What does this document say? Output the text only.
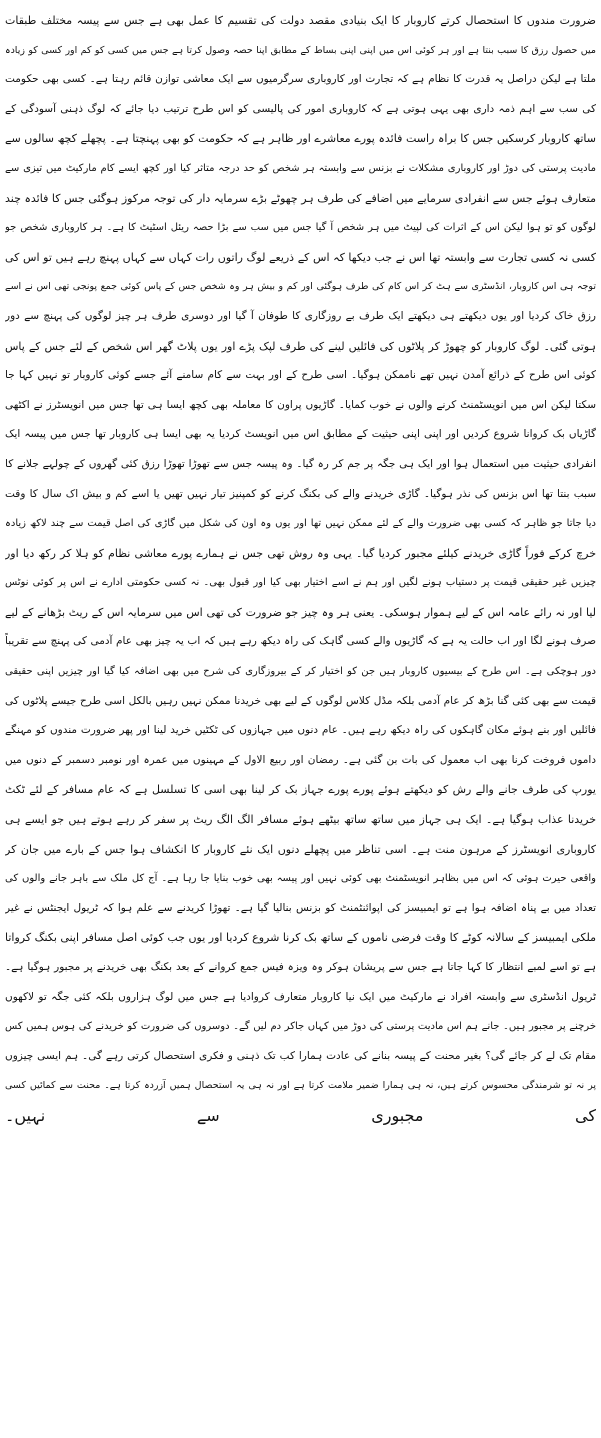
ضرورت مندوں کا استحصال کرتے کاروبار کا ایک بنیادی مقصد دولت کی تقسیم کا عمل بھی ہے جس سے پیسہ مختلف طبقات
میں حصول رزق کا سبب بنتا ہے اور ہر کوئی اس میں اپنی اپنی بساط کے مطابق اپنا حصہ وصول کرتا ہے جس میں کسی کو کم اور کسی کو زیادہ
ملتا ہے لیکن دراصل یہ قدرت کا نظام ہے کہ تجارت اور کاروباری سرگرمیوں سے ایک معاشی توازن قائم رہتا ہے۔ کسی بھی حکومت
کی سب سے اہم ذمہ داری بھی یہی ہوتی ہے کہ کاروباری امور کی پالیسی کو اس طرح ترتیب دیا جائے کہ لوگ ذہنی آسودگی کے
ساتھ کاروبار کرسکیں جس کا براہ راست فائدہ پورے معاشرے اور ظاہر ہے کہ حکومت کو بھی پہنچتا ہے۔ پچھلے کچھ سالوں سے
مادیت پرستی کی دوڑ اور کاروباری مشکلات نے بزنس سے وابستہ ہر شخص کو حد درجہ متاثر کیا اور کچھ ایسے کام مارکیٹ میں تیزی سے
متعارف ہوئے جس سے انفرادی سرمایے میں اضافے کی طرف ہر چھوٹے بڑے سرمایہ دار کی توجہ مرکوز ہوگئی جس کا فائدہ چند
لوگوں کو تو ہوا لیکن اس کے اثرات کی لپیٹ میں ہر شخص آ گیا جس میں سب سے بڑا حصہ ریئل اسٹیٹ کا ہے۔ ہر کاروباری شخص جو
کسی نہ کسی تجارت سے وابستہ تھا اس نے جب دیکھا کہ اس کے ذریعے لوگ راتوں رات کہاں سے کہاں پہنچ رہے ہیں تو اس کی
توجہ ہی اس کاروبار، انڈسٹری سے ہٹ کر اس کام کی طرف ہوگئی اور کم و بیش ہر وہ شخص جس کے پاس کوئی جمع پونجی تھی اس نے اسے
رزق خاک کردیا اور یوں دیکھتے ہی دیکھتے ایک طرف بے روزگاری کا طوفان آ گیا اور دوسری طرف ہر چیز لوگوں کی پہنچ سے دور
ہوتی گئی۔ لوگ کاروبار کو چھوڑ کر پلاٹوں کی فائلیں لینے کی طرف لپک پڑے اور یوں پلاٹ گھر اس شخص کے لئے جس کے پاس
کوئی اس طرح کے ذرائع آمدن نہیں تھے ناممکن ہوگیا۔ اسی طرح کے اور بہت سے کام سامنے آئے جسے کوئی کاروبار تو نہیں کہا جا
سکتا لیکن اس میں انویسٹمنٹ کرنے والوں نے خوب کمایا۔ گاڑیوں پراون کا معاملہ بھی کچھ ایسا ہی تھا جس میں انویسٹرز نے اکٹھی
گاڑیاں بک کروانا شروع کردیں اور اپنی اپنی حیثیت کے مطابق اس میں انویسٹ کردیا یہ بھی ایسا ہی کاروبار تھا جس میں پیسہ ایک
انفرادی حیثیت میں استعمال ہوا اور ایک ہی جگہ پر جم کر رہ گیا۔ وہ پیسہ جس سے تھوڑا تھوڑا رزق کئی گھروں کے چولہے جلانے کا
سبب بنتا تھا اس بزنس کی نذر ہوگیا۔ گاڑی خریدنے والے کی بکنگ کرنے کو کمپنیز تیار نہیں تھیں یا اسے کم و بیش اک سال کا وقت
دیا جاتا جو ظاہر کہ کسی بھی ضرورت والے کے لئے ممکن نہیں تھا اور یوں وہ اون کی شکل میں گاڑی کی اصل قیمت سے چند لاکھ زیادہ
خرچ کرکے فوراً گاڑی خریدنے کیلئے مجبور کردیا گیا۔ یہی وہ روش تھی جس نے ہمارے پورے معاشی نظام کو ہلا کر رکھ دیا اور
چیزیں غیر حقیقی قیمت پر دستیاب ہونے لگیں اور ہم نے اسے اختیار بھی کیا اور قبول بھی۔ نہ کسی حکومتی ادارے نے اس پر کوئی نوٹس
لیا اور نہ رائے عامہ اس کے لیے ہموار ہوسکی۔ یعنی ہر وہ چیز جو ضرورت کی تھی اس میں سرمایہ اس کے ریٹ بڑھانے کے لیے
صرف ہونے لگا اور اب حالت یہ ہے کہ گاڑیوں والے کسی گاہک کی راہ دیکھ رہے ہیں کہ اب یہ چیز بھی عام آدمی کی پہنچ سے تقریباً
دور ہوچکی ہے۔ اس طرح کے بیسیوں کاروبار ہیں جن کو اختیار کر کے بیروزگاری کی شرح میں بھی اضافہ کیا گیا اور چیزیں اپنی حقیقی
قیمت سے بھی کئی گنا بڑھ کر عام آدمی بلکہ مڈل کلاس لوگوں کے لیے بھی خریدنا ممکن نہیں رہیں بالکل اسی طرح جیسے پلاٹوں کی
فائلیں اور بنے ہوئے مکان گاہکوں کی راہ دیکھ رہے ہیں۔ عام دنوں میں جہازوں کی ٹکٹیں خرید لینا اور پھر ضرورت مندوں کو مہنگے
داموں فروخت کرنا بھی اب معمول کی بات بن گئی ہے۔ رمضان اور ربیع الاول کے مہینوں میں عمرہ اور نومبر دسمبر کے دنوں میں
یورپ کی طرف جانے والے رش کو دیکھتے ہوئے پورے پورے جہاز بک کر لینا بھی اسی کا تسلسل ہے کہ عام مسافر کے لئے ٹکٹ
خریدنا عذاب ہوگیا ہے۔ ایک ہی جہاز میں ساتھ ساتھ بیٹھے ہوئے مسافر الگ الگ ریٹ پر سفر کر رہے ہوتے ہیں جو ایسے ہی
کاروباری انویسٹرز کے مرہون منت ہے۔ اسی تناظر میں پچھلے دنوں ایک نئے کاروبار کا انکشاف ہوا جس کے بارے میں جان کر
واقعی حیرت ہوئی کہ اس میں بظاہر انویسٹمنٹ بھی کوئی نہیں اور پیسہ بھی خوب بنایا جا رہا ہے۔ آج کل ملک سے باہر جانے والوں کی
تعداد میں بے پناہ اضافہ ہوا ہے تو ایمبیسز کی اپوائنٹمنٹ کو بزنس بنالیا گیا ہے۔ تھوڑا کریدنے سے علم ہوا کہ ٹریول ایجنٹس نے غیر
ملکی ایمبیسز کے سالانہ کوٹے کا وقت فرضی ناموں کے ساتھ بک کرنا شروع کردیا اور یوں جب کوئی اصل مسافر اپنی بکنگ کرواتا
ہے تو اسے لمبے انتظار کا کہا جاتا ہے جس سے پریشان ہوکر وہ ویزہ فیس جمع کروانے کے بعد بکنگ بھی خریدنے پر مجبور ہوگیا ہے۔
ٹریول انڈسٹری سے وابستہ افراد نے مارکیٹ میں ایک نیا کاروبار متعارف کروادیا ہے جس میں لوگ ہزاروں بلکہ کئی جگہ تو لاکھوں
خرچنے پر مجبور ہیں۔ جانے ہم اس مادیت پرستی کی دوڑ میں کہاں جاکر دم لیں گے۔ دوسروں کی ضرورت کو خریدنے کی ہوس ہمیں کس
مقام تک لے کر جائے گی؟ بغیر محنت کے پیسہ بنانے کی عادت ہمارا کب تک ذہنی و فکری استحصال کرتی رہے گی۔ ہم ایسی چیزوں
پر نہ تو شرمندگی محسوس کرتے ہیں، نہ ہی ہمارا ضمیر ملامت کرتا ہے اور نہ ہی یہ استحصال ہمیں آزردہ کرتا ہے۔ محنت سے کمائیں کسی
کی مجبوری سے نہیں۔
